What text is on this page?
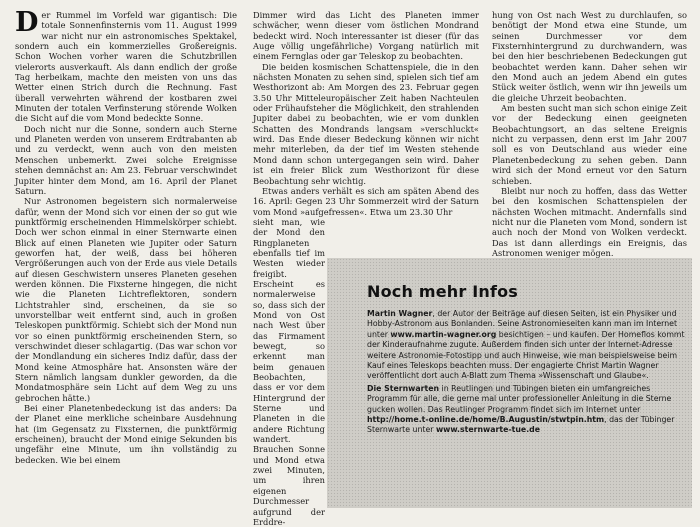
Der Rummel im Vorfeld war gigantisch: Die totale Sonnenfinsternis vom 11. August 1999 war nicht nur ein astronomisches Spektakel, sondern auch ein kommerzielles Großereignis. Schon Wochen vorher waren die Schutzbrillen vielerorts ausverkauft. Als dann endlich der große Tag herbeikam, machte den meisten von uns das Wetter einen Strich durch die Rechnung. Fast überall verwehrten während der kostbaren zwei Minuten der totalen Verfinsterung störende Wolken die Sicht auf die vom Mond bedeckte Sonne.

Doch nicht nur die Sonne, sondern auch Sterne und Planeten werden von unserem Erdtrabanten ab und zu verdeckt, wenn auch von den meisten Menschen unbemerkt. Zwei solche Ereignisse stehen demnächst an: Am 23. Februar verschwindet Jupiter hinter dem Mond, am 16. April der Planet Saturn.

Nur Astronomen begeistern sich normalerweise dafür, wenn der Mond sich vor einen der so gut wie punktförmig erscheinenden Himmelskörper schiebt. Doch wer schon einmal in einer Sternwarte einen Blick auf einen Planeten wie Jupiter oder Saturn geworfen hat, der weiß, dass bei höheren Vergrößerungen auch von der Erde aus viele Details auf diesen Geschwistern unseres Planeten gesehen werden können. Die Fixsterne hingegen, die nicht wie die Planeten Lichtreflektoren, sondern Lichtstrahler sind, erscheinen, da sie so unvorstellbar weit entfernt sind, auch in großen Teleskopen punktförmig. Schiebt sich der Mond nun vor so einen punktförmig erscheinenden Stern, so verschwindet dieser schlagartig. (Das war schon vor der Mondlandung ein sicheres Indiz dafür, dass der Mond keine Atmosphäre hat. Ansonsten wäre der Stern nämlich langsam dunkler geworden, da die Mondatmosphäre sein Licht auf dem Weg zu uns gebrochen hätte.)

Bei einer Planetenbedeckung ist das anders: Da der Planet eine merkliche scheinbare Ausdehnung hat (im Gegensatz zu Fixsternen, die punktförmig erscheinen), braucht der Mond einige Sekunden bis ungefähr eine Minute, um ihn vollständig zu bedecken. Wie bei einem

Dimmer wird das Licht des Planeten immer schwächer, wenn dieser vom östlichen Mondrand bedeckt wird. Noch interessanter ist dieser (für das Auge völlig ungefährliche) Vorgang natürlich mit einem Fernglas oder gar Teleskop zu beobachten.

Die beiden kosmischen Schattenspiele, die in den nächsten Monaten zu sehen sind, spielen sich tief am Westhorizont ab: Am Morgen des 23. Februar gegen 3.50 Uhr Mitteleuropäischer Zeit haben Nachteulen oder Frühaufsteher die Möglichkeit, den strahlenden Jupiter dabei zu beobachten, wie er vom dunklen Schatten des Mondrands langsam »verschluckt« wird. Das Ende dieser Bedeckung können wir nicht mehr miterleben, da der tief im Westen stehende Mond dann schon untergegangen sein wird. Daher ist ein freier Blick zum Westhorizont für diese Beobachtung sehr wichtig.

Etwas anders verhält es sich am späten Abend des 16. April: Gegen 23 Uhr Sommerzeit wird der Saturn vom Mond »aufgefressen«. Etwa um 23.30 Uhr

sieht man, wie der Mond den Ringplaneten ebenfalls tief im Westen wieder freigibt. Erscheint es normalerweise so, dass sich der Mond von Ost nach West über das Firmament bewegt, so erkennt man beim genauen Beobachten, dass er vor dem Hintergrund der Sterne und Planeten in die andere Richtung wandert. Brauchen Sonne und Mond etwa zwei Minuten, um ihren eigenen Durchmesser aufgrund der Erddre-

hung von Ost nach West zu durchlaufen, so benötigt der Mond etwa eine Stunde, um seinen Durchmesser vor dem Fixsternhintergrund zu durchwandern, was bei den hier beschriebenen Bedeckungen gut beobachtet werden kann. Daher sehen wir den Mond auch an jedem Abend ein gutes Stück weiter östlich, wenn wir ihn jeweils um die gleiche Uhrzeit beobachten.

Am besten sucht man sich schon einige Zeit vor der Bedeckung einen geeigneten Beobachtungsort, an das seltene Ereignis nicht zu verpassen, denn erst im Jahr 2007 soll es von Deutschland aus wieder eine Planetenbedeckung zu sehen geben. Dann wird sich der Mond erneut vor den Saturn schieben.

Bleibt nur noch zu hoffen, dass das Wetter bei den kosmischen Schattenspielen der nächsten Wochen mitmacht. Andernfalls sind nicht nur die Planeten vom Mond, sondern ist auch noch der Mond von Wolken verdeckt. Das ist dann allerdings ein Ereignis, das Astronomen weniger mögen.

Noch mehr Infos

Martin Wagner, der Autor der Beiträge auf diesen Seiten, ist ein Physiker und Hobby-Astronom aus Bonlanden. Seine Astronomieseiten kann man im Internet unter www.martin-wagner.org besichtigen – und kaufen. Der Homeflos kommt der Kinderaufnahme zugute. Außerdem finden sich unter der Internet-Adresse weitere Astronomie-Fotostipp und auch Hinweise, wie man beispielsweise beim Kauf eines Teleskops beachten muss. Der engagierte Christ Martin Wagner veröffentlicht dort auch A-Blatt zum Thema »Wissenschaft und Glaube«.

Die Sternwarten in Reutlingen und Tübingen bieten ein umfangreiches Programm für alle, die gerne mal unter professioneller Anleitung in die Sterne gucken wollen. Das Reutlinger Programm findet sich im Internet unter http://home.t-online.de/home/B.Augustin/stwtpin.htm, das der Tübinger Sternwarte unter www.sternwarte-tue.de
